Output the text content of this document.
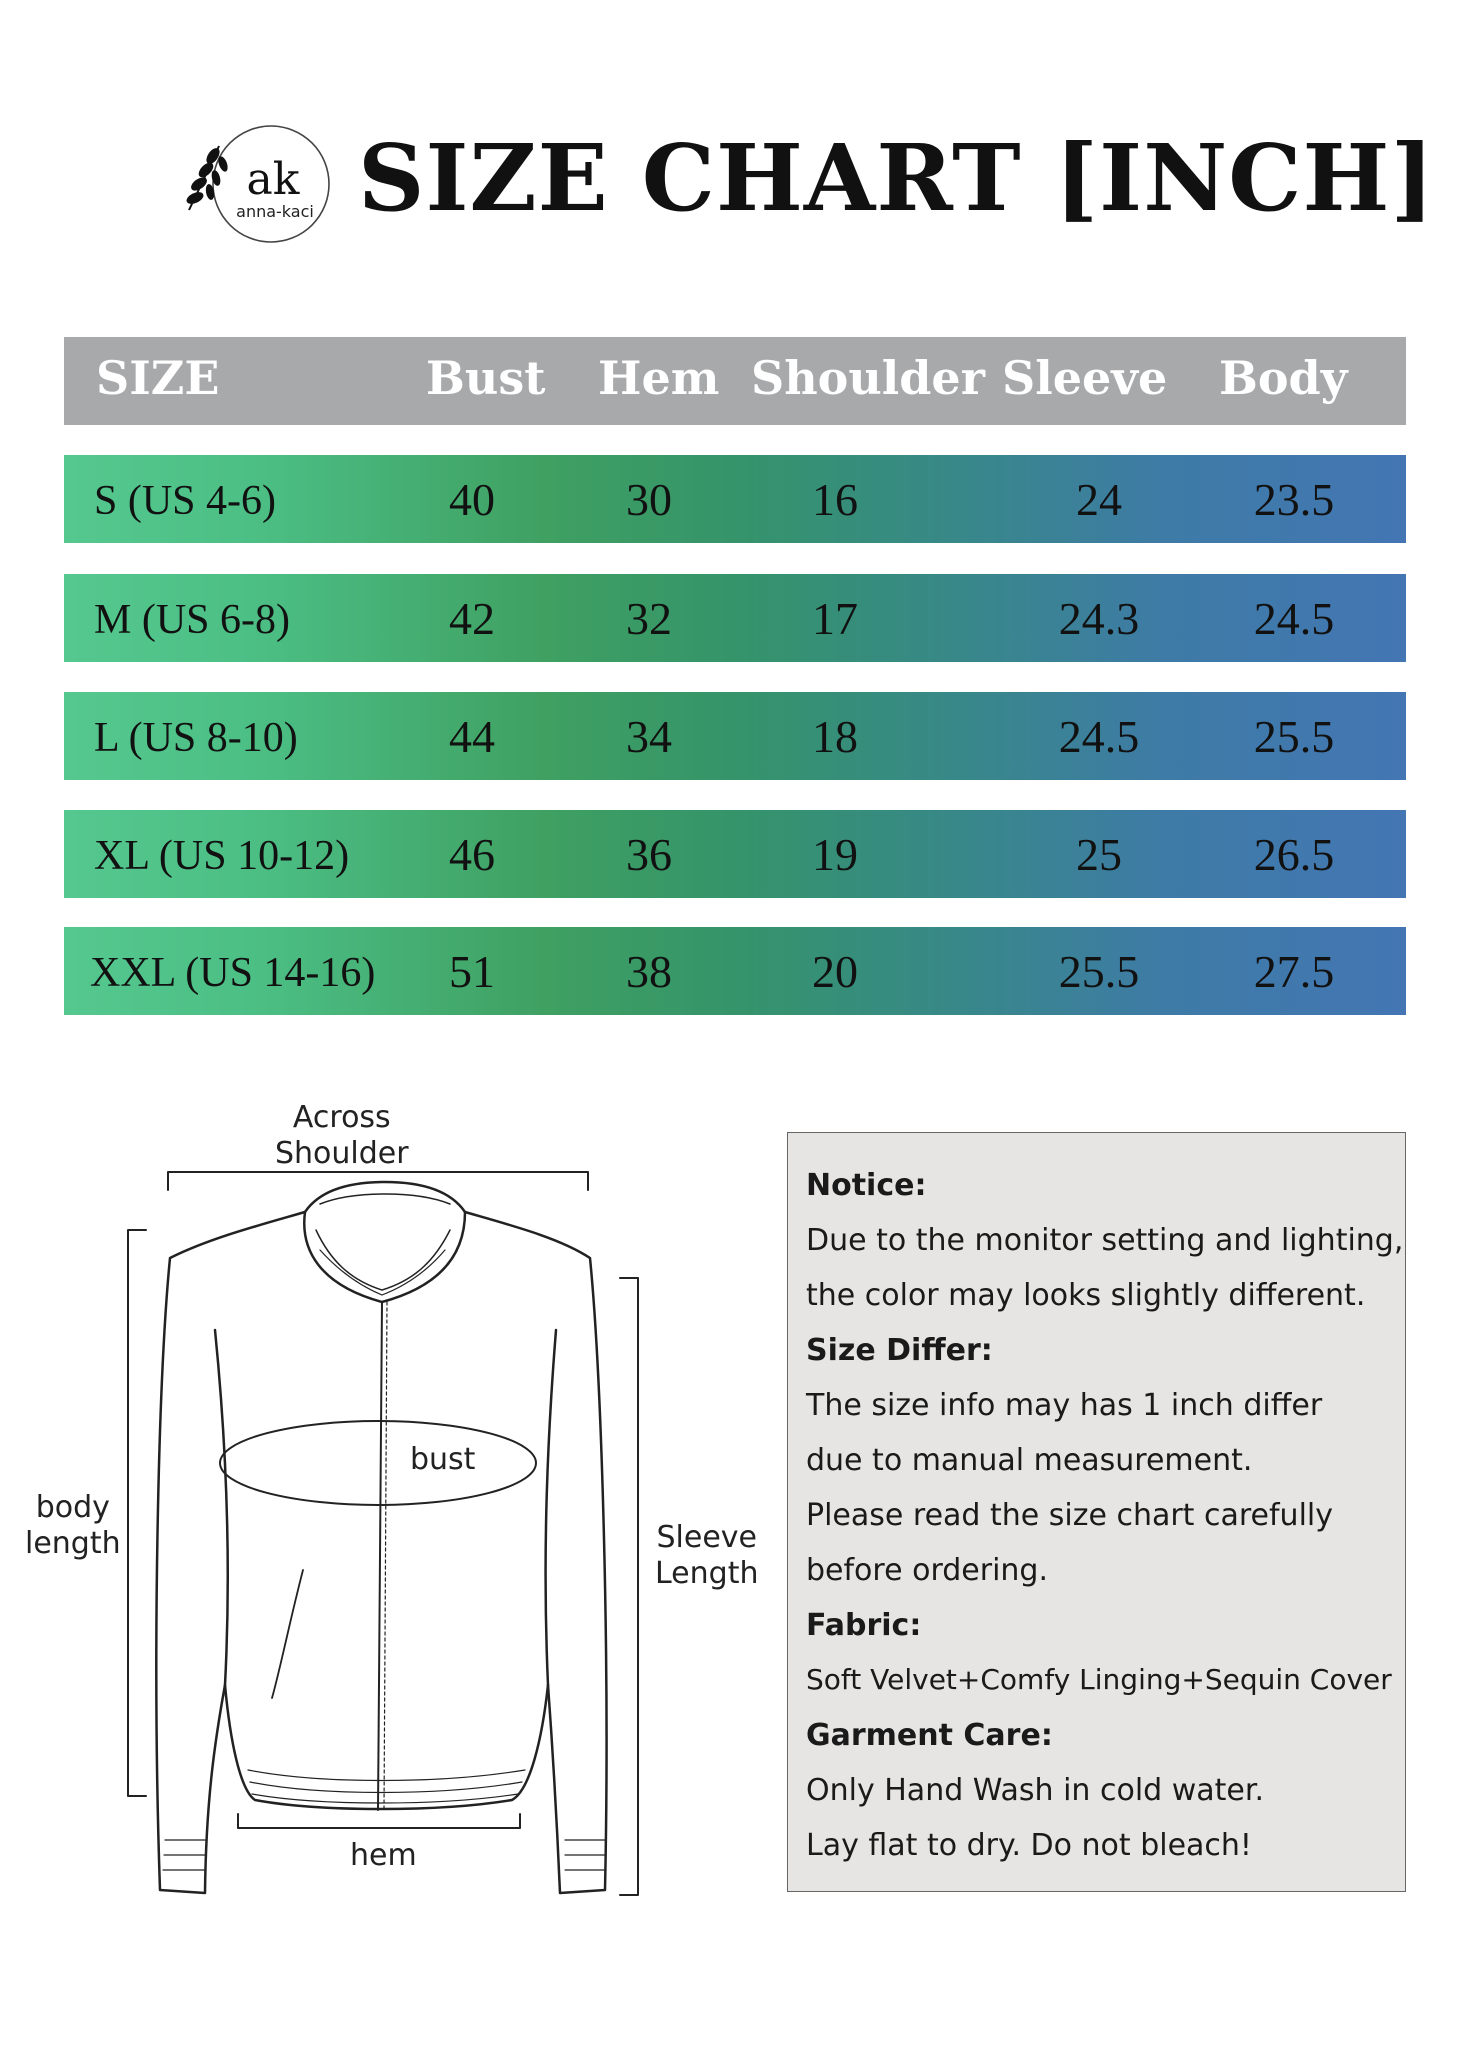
ak
anna-kaci SIZE CHART [INCH]
SIZE	Bust Hem Shoulder Sleeve Body
S (US 4-6)	40	30	16	24	23.5
M (US 6-8)	42	32	17	24.3	24.5
L (US 8-10)	44	34	18	24.5	25.5
XL (US 10-12) 46	36	19	25	26.5
XXL (US 14-16) 51	38	20	25.5	27.5
Across
Shoulder
body
length	Sleeve
Length
bust
hem
Notice:
Due to the monitor setting and lighting,
the color may looks slightly different.
Size Differ:
The size info may has 1 inch differ
due to manual measurement.
Please read the size chart carefully
before ordering.
Fabric:
Soft Velvet+Comfy Linging+Sequin Cover
Garment Care:
Only Hand Wash in cold water.
Lay flat to dry. Do not bleach!
